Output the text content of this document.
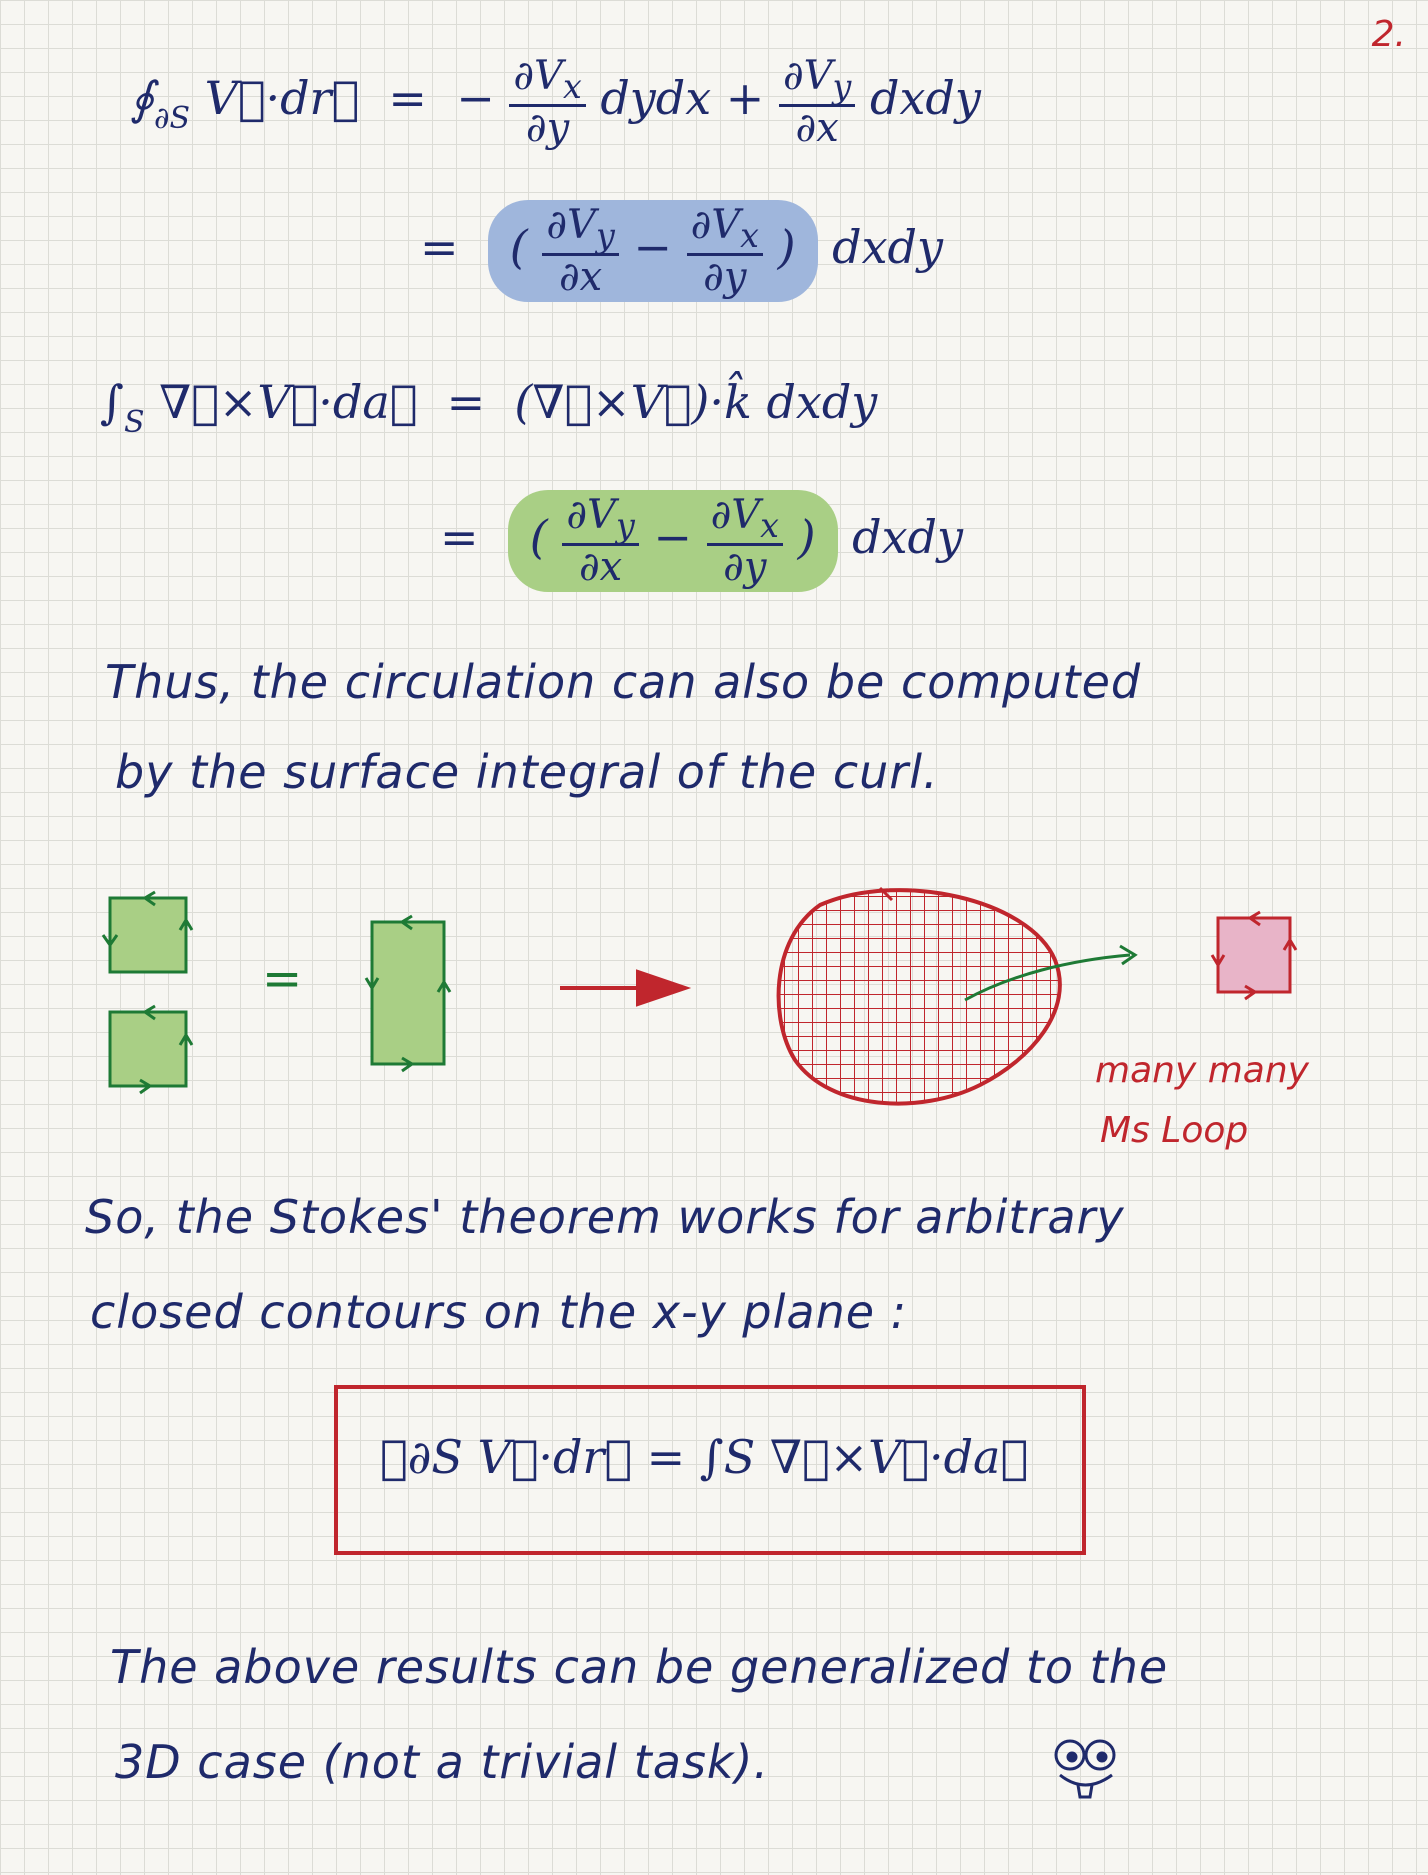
2.
$∮_{\partial S}$ V⃗·dr⃗  =  − $\frac{\partial V_x}{\partial y}$ dydx + $\frac{\partial V_y}{\partial x}$ dxdy
=  ( $\frac{\partial V_y}{\partial x} - \frac{\partial V_x}{\partial y}$ ) dxdy
$\int_S$ ∇⃗×V⃗·da⃗  =  (∇⃗×V⃗)·k̂ dxdy
=  ( $\frac{\partial V_y}{\partial x} - \frac{\partial V_x}{\partial y}$ ) dxdy
Thus, the circulation can also be computed
by the surface integral of the curl.
=
many many
Ms Loop
So, the Stokes' theorem works for arbitrary
closed contours on the x-y plane :
∮∂S V⃗·dr⃗ = ∫S ∇⃗×V⃗·da⃗
The above results can be generalized to the
3D case (not a trivial task).
